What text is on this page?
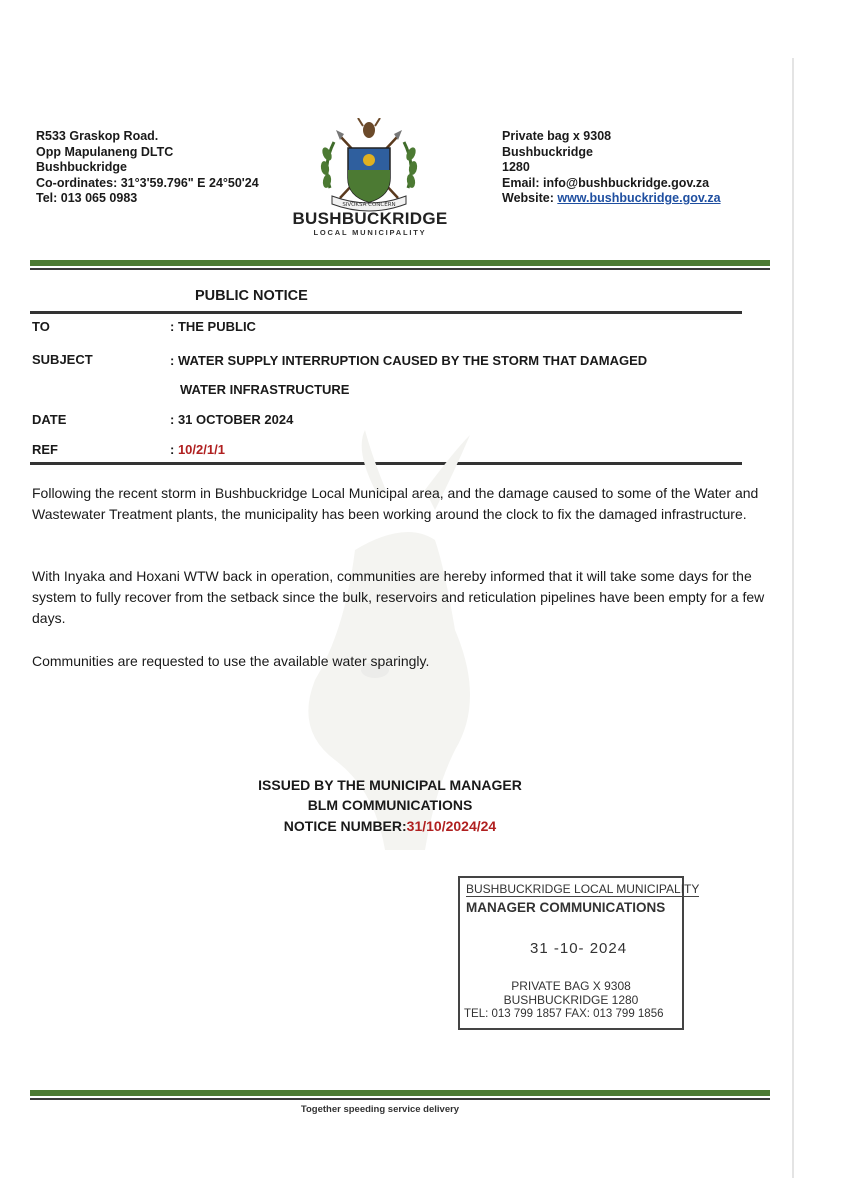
R533 Graskop Road.
Opp Mapulaneng DLTC
Bushbuckridge
Co-ordinates: 31°3'59.796" E 24°50'24
Tel: 013 065 0983	SIVOKSA CONCERN
BUSHBUCKRIDGE
LOCAL MUNICIPALITY
Private bag x 9308
Bushbuckridge
1280
Email: info@bushbuckridge.gov.za
Website: www.bushbuckridge.gov.za
PUBLIC NOTICE
TO	: THE PUBLIC
SUBJECT	: WATER SUPPLY INTERRUPTION CAUSED BY THE STORM THAT DAMAGED
WATER INFRASTRUCTURE
DATE	: 31 OCTOBER 2024
REF	: 10/2/1/1
Following the recent storm in Bushbuckridge Local Municipal area, and the damage caused to some of the Water and Wastewater Treatment plants, the municipality has been working around the clock to fix the damaged infrastructure.
With Inyaka and Hoxani WTW back in operation, communities are hereby informed that it will take some days for the system to fully recover from the setback since the bulk, reservoirs and reticulation pipelines have been empty for a few days.
Communities are requested to use the available water sparingly.
ISSUED BY THE MUNICIPAL MANAGER
BLM COMMUNICATIONS
NOTICE NUMBER:31/10/2024/24
BUSHBUCKRIDGE LOCAL MUNICIPALITY
MANAGER COMMUNICATIONS
31 -10- 2024
PRIVATE BAG X 9308
BUSHBUCKRIDGE 1280
TEL: 013 799 1857 FAX: 013 799 1856
Together speeding service delivery
